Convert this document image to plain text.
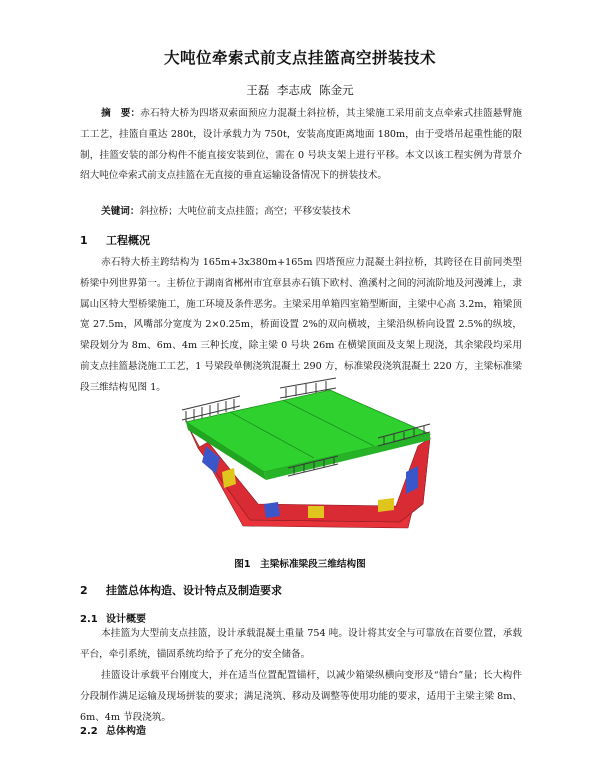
大吨位牵索式前支点挂篮高空拼装技术
王磊 李志成 陈金元
摘　要：赤石特大桥为四塔双索面预应力混凝土斜拉桥，其主梁施工采用前支点牵索式挂篮悬臂施工工艺，挂篮自重达 280t，设计承载力为 750t，安装高度距离地面 180m，由于受塔吊起重性能的限制，挂篮安装的部分构件不能直接安装到位，需在 0 号块支架上进行平移。本文以该工程实例为背景介绍大吨位牵索式前支点挂篮在无直接的垂直运输设备情况下的拼装技术。
关键词：斜拉桥；大吨位前支点挂篮；高空；平移安装技术
1 工程概况
赤石特大桥主跨结构为 165m+3x380m+165m 四塔预应力混凝土斜拉桥，其跨径在目前同类型桥梁中列世界第一。主桥位于湖南省郴州市宜章县赤石镇下欧村、渔溪村之间的河流阶地及河漫滩上，隶属山区特大型桥梁施工，施工环境及条件恶劣。主梁采用单箱四室箱型断面，主梁中心高 3.2m，箱梁顶宽 27.5m，风嘴部分宽度为 2×0.25m，桥面设置 2%的双向横坡，主梁沿纵桥向设置 2.5%的纵坡，梁段划分为 8m、6m、4m 三种长度，除主梁 0 号块 26m 在横梁顶面及支架上现浇，其余梁段均采用前支点挂篮悬浇施工工艺，1 号梁段单侧浇筑混凝土 290 方，标准梁段浇筑混凝土 220 方，主梁标准梁段三维结构见图 1。
图1　主梁标准梁段三维结构图
2 挂篮总体构造、设计特点及制造要求
2.1 设计概要
本挂篮为大型前支点挂篮，设计承载混凝土重量 754 吨。设计将其安全与可靠放在首要位置，承载平台，牵引系统，锚固系统均给予了充分的安全储备。
挂篮设计承载平台刚度大，并在适当位置配置锚杆，以减少箱梁纵横向变形及“错台”量；长大构件分段制作满足运输及现场拼装的要求；满足浇筑、移动及调整等使用功能的要求，适用于主梁主梁 8m、6m、4m 节段浇筑。
2.2 总体构造
